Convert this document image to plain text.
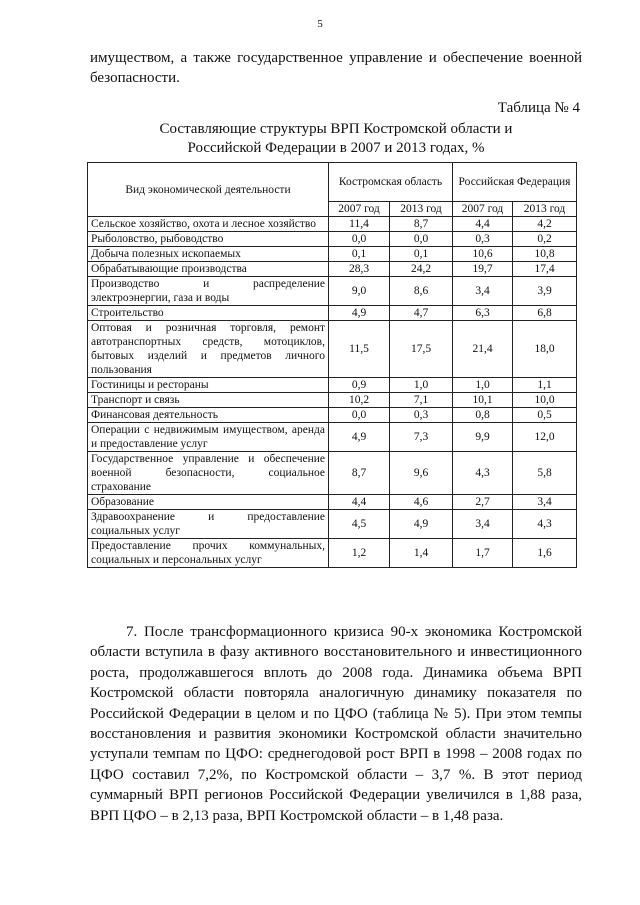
5
имуществом, а также государственное управление и обеспечение военной безопасности.
Таблица № 4
Составляющие структуры ВРП Костромской области и
Российской Федерации в 2007 и 2013 годах, %
Вид экономической деятельности	Костромская область		Российская Федерация	
	2007 год	2013 год	2007 год	2013 год
Сельское хозяйство, охота и лесное хозяйство	11,4	8,7	4,4	4,2
Рыболовство, рыбоводство	0,0	0,0	0,3	0,2
Добыча полезных ископаемых	0,1	0,1	10,6	10,8
Обрабатывающие производства	28,3	24,2	19,7	17,4
Производство и распределение электроэнергии, газа и воды	9,0	8,6	3,4	3,9
Строительство	4,9	4,7	6,3	6,8
Оптовая и розничная торговля, ремонт автотранспортных средств, мотоциклов, бытовых изделий и предметов личного пользования	11,5	17,5	21,4	18,0
Гостиницы и рестораны	0,9	1,0	1,0	1,1
Транспорт и связь	10,2	7,1	10,1	10,0
Финансовая деятельность	0,0	0,3	0,8	0,5
Операции с недвижимым имуществом, аренда и предоставление услуг	4,9	7,3	9,9	12,0
Государственное управление и обеспечение военной безопасности, социальное страхование	8,7	9,6	4,3	5,8
Образование	4,4	4,6	2,7	3,4
Здравоохранение и предоставление социальных услуг	4,5	4,9	3,4	4,3
Предоставление прочих коммунальных, социальных и персональных услуг	1,2	1,4	1,7	1,6
7. После трансформационного кризиса 90-х экономика Костромской области вступила в фазу активного восстановительного и инвестиционного роста, продолжавшегося вплоть до 2008 года. Динамика объема ВРП Костромской области повторяла аналогичную динамику показателя по Российской Федерации в целом и по ЦФО (таблица № 5). При этом темпы восстановления и развития экономики Костромской области значительно уступали темпам по ЦФО: среднегодовой рост ВРП в 1998 – 2008 годах по ЦФО составил 7,2%, по Костромской области – 3,7 %. В этот период суммарный ВРП регионов Российской Федерации увеличился в 1,88 раза, ВРП ЦФО – в 2,13 раза, ВРП Костромской области – в 1,48 раза.
